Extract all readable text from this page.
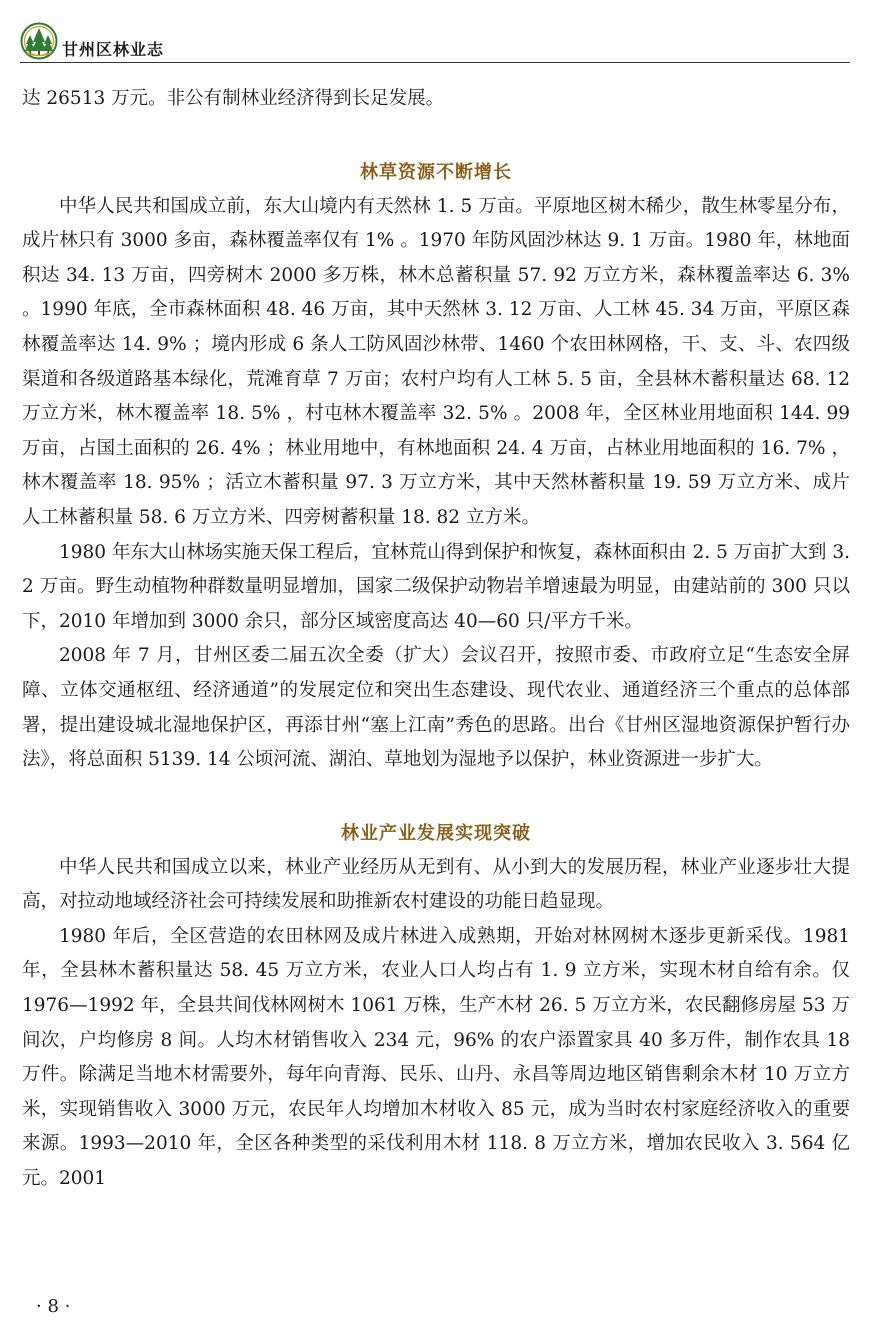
甘州区林业志

达 26513 万元。非公有制林业经济得到长足发展。

林草资源不断增长

中华人民共和国成立前，东大山境内有天然林 1. 5 万亩。平原地区树木稀少，散生林零星分布，成片林只有 3000 多亩，森林覆盖率仅有 1% 。1970 年防风固沙林达 9. 1 万亩。1980 年，林地面积达 34. 13 万亩，四旁树木 2000 多万株，林木总蓄积量 57. 92 万立方米，森林覆盖率达 6. 3% 。1990 年底，全市森林面积 48. 46 万亩，其中天然林 3. 12 万亩、人工林 45. 34 万亩，平原区森林覆盖率达 14. 9% ；境内形成 6 条人工防风固沙林带、1460 个农田林网格，干、支、斗、农四级渠道和各级道路基本绿化，荒滩育草 7 万亩；农村户均有人工林 5. 5 亩，全县林木蓄积量达 68. 12 万立方米，林木覆盖率 18. 5% ，村屯林木覆盖率 32. 5% 。2008 年，全区林业用地面积 144. 99 万亩，占国土面积的 26. 4% ；林业用地中，有林地面积 24. 4 万亩，占林业用地面积的 16. 7% ，林木覆盖率 18. 95% ；活立木蓄积量 97. 3 万立方米，其中天然林蓄积量 19. 59 万立方米、成片人工林蓄积量 58. 6 万立方米、四旁树蓄积量 18. 82 立方米。

1980 年东大山林场实施天保工程后，宜林荒山得到保护和恢复，森林面积由 2. 5 万亩扩大到 3. 2 万亩。野生动植物种群数量明显增加，国家二级保护动物岩羊增速最为明显，由建站前的 300 只以下，2010 年增加到 3000 余只，部分区域密度高达 40—60 只/平方千米。

2008 年 7 月，甘州区委二届五次全委（扩大）会议召开，按照市委、市政府立足“生态安全屏障、立体交通枢纽、经济通道”的发展定位和突出生态建设、现代农业、通道经济三个重点的总体部署，提出建设城北湿地保护区，再添甘州“塞上江南”秀色的思路。出台《甘州区湿地资源保护暂行办法》，将总面积 5139. 14 公顷河流、湖泊、草地划为湿地予以保护，林业资源进一步扩大。

林业产业发展实现突破

中华人民共和国成立以来，林业产业经历从无到有、从小到大的发展历程，林业产业逐步壮大提高，对拉动地域经济社会可持续发展和助推新农村建设的功能日趋显现。

1980 年后，全区营造的农田林网及成片林进入成熟期，开始对林网树木逐步更新采伐。1981 年，全县林木蓄积量达 58. 45 万立方米，农业人口人均占有 1. 9 立方米，实现木材自给有余。仅 1976—1992 年，全县共间伐林网树木 1061 万株，生产木材 26. 5 万立方米，农民翻修房屋 53 万间次，户均修房 8 间。人均木材销售收入 234 元，96% 的农户添置家具 40 多万件，制作农具 18 万件。除满足当地木材需要外，每年向青海、民乐、山丹、永昌等周边地区销售剩余木材 10 万立方米，实现销售收入 3000 万元，农民年人均增加木材收入 85 元，成为当时农村家庭经济收入的重要来源。1993—2010 年，全区各种类型的采伐利用木材 118. 8 万立方米，增加农民收入 3. 564 亿元。2001

· 8 ·
